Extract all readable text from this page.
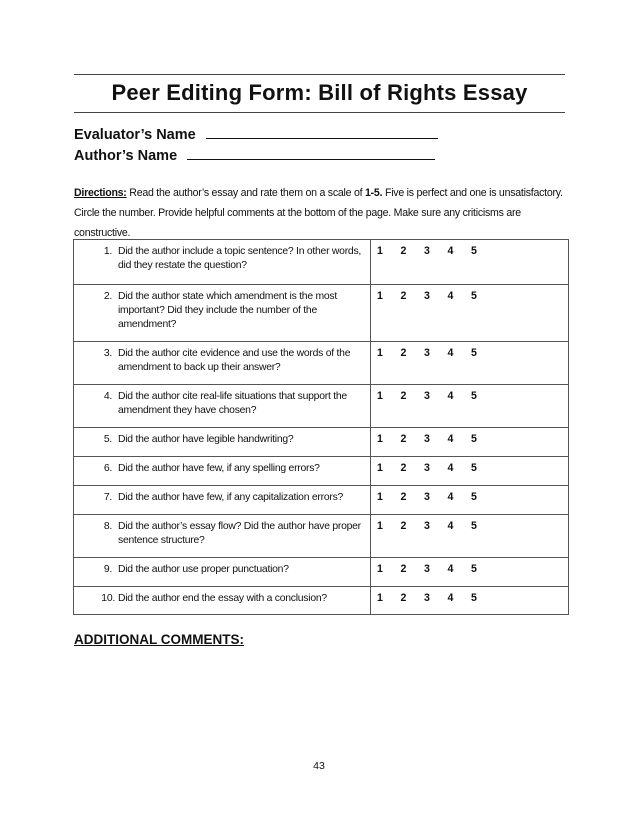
Peer Editing Form: Bill of Rights Essay
Evaluator’s Name
Author’s Name
Directions: Read the author’s essay and rate them on a scale of 1-5. Five is perfect and one is unsatisfactory. Circle the number. Provide helpful comments at the bottom of the page. Make sure any criticisms are constructive.
1. Did the author include a topic sentence? In other words, did they restate the question?	1 2 3 4 5

2. Did the author state which amendment is the most important? Did they include the number of the amendment?	1 2 3 4 5

3. Did the author cite evidence and use the words of the amendment to back up their answer?	1 2 3 4 5

4. Did the author cite real-life situations that support the amendment they have chosen?	1 2 3 4 5

5. Did the author have legible handwriting?	1 2 3 4 5

6. Did the author have few, if any spelling errors?	1 2 3 4 5

7. Did the author have few, if any capitalization errors?	1 2 3 4 5

8. Did the author’s essay flow? Did the author have proper sentence structure?	1 2 3 4 5

9. Did the author use proper punctuation?	1 2 3 4 5

10. Did the author end the essay with a conclusion?	1 2 3 4 5
ADDITIONAL COMMENTS:
43
